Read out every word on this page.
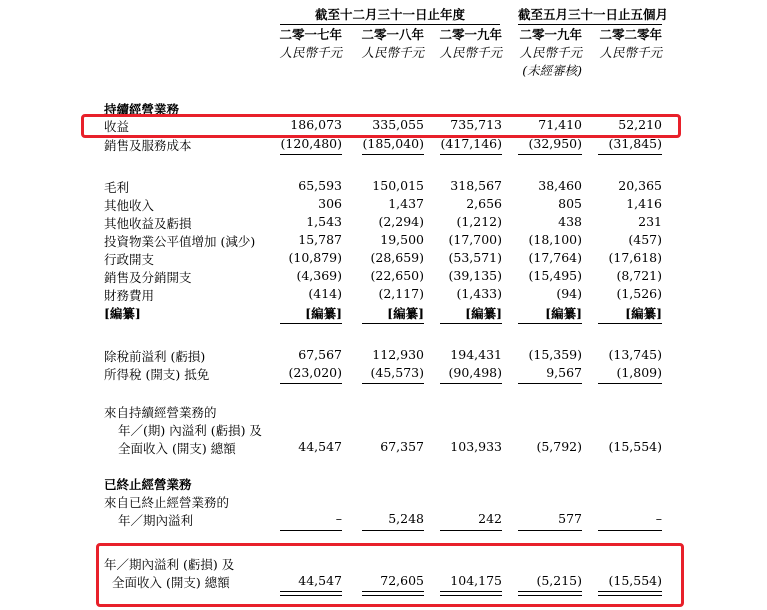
截至十二月三十一日止年度	截至五月三十一日止五個月
二零一七年	二零一八年	二零一九年	二零一九年	二零二零年
人民幣千元	人民幣千元	人民幣千元	人民幣千元	人民幣千元
(未經審核)
持續經營業務
收益	186,073	335,055	735,713	71,410	52,210
銷售及服務成本	(120,480)	(185,040)	(417,146)	(32,950)	(31,845)
毛利	65,593	150,015	318,567	38,460	20,365
其他收入	306	1,437	2,656	805	1,416
其他收益及虧損	1,543	(2,294)	(1,212)	438	231
投資物業公平值增加 (減少)	15,787	19,500	(17,700)	(18,100)	(457)
行政開支	(10,879)	(28,659)	(53,571)	(17,764)	(17,618)
銷售及分銷開支	(4,369)	(22,650)	(39,135)	(15,495)	(8,721)
財務費用	(414)	(2,117)	(1,433)	(94)	(1,526)
[編纂]	[編纂]	[編纂]	[編纂]	[編纂]	[編纂]
除稅前溢利 (虧損)	67,567	112,930	194,431	(15,359)	(13,745)
所得稅 (開支) 抵免	(23,020)	(45,573)	(90,498)	9,567	(1,809)
來自持續經營業務的
年／(期) 內溢利 (虧損) 及
全面收入 (開支) 總額	44,547	67,357	103,933	(5,792)	(15,554)
已終止經營業務
來自已終止經營業務的
年／期內溢利	–	5,248	242	577	–
年／期內溢利 (虧損) 及
全面收入 (開支) 總額	44,547	72,605	104,175	(5,215)	(15,554)
